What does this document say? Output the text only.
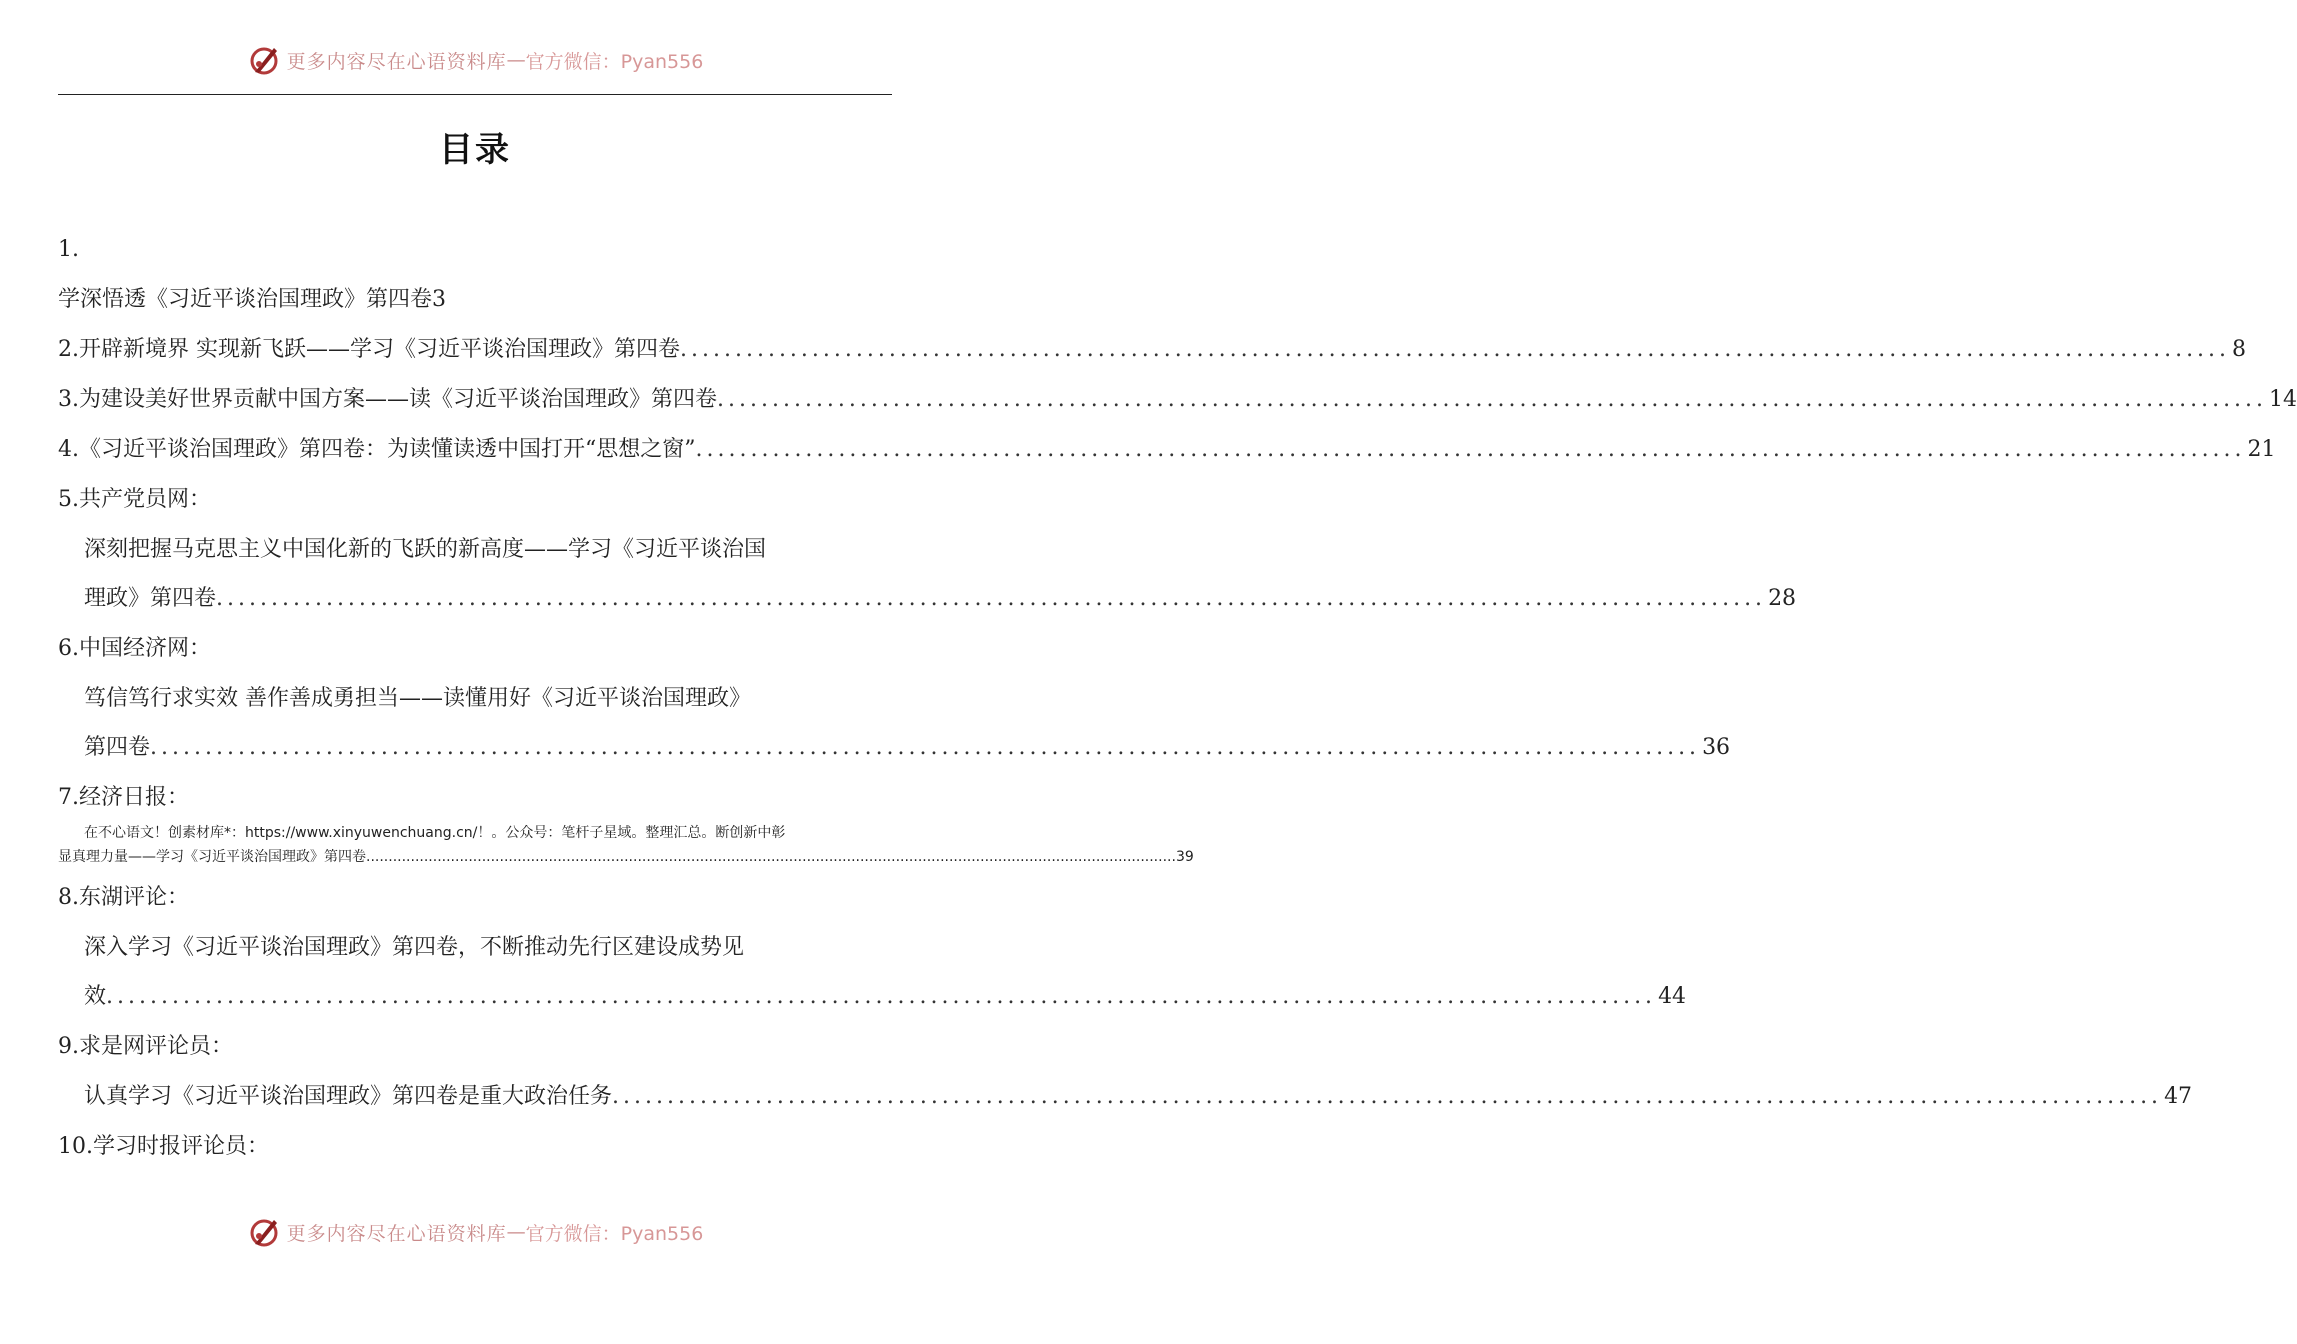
更多内容尽在心语资料库 — 官方微信：Pyan556
目录
1.
学深悟透《习近平谈治国理政》第四卷3
2.开辟新境界 实现新飞跃——学习《习近平谈治国理政》第四卷 ............................................................................................................................................. 8
3.为建设美好世界贡献中国方案——读《习近平谈治国理政》第四卷 ............................................................................................................................................. 14
4.《习近平谈治国理政》第四卷：为读懂读透中国打开“思想之窗” ............................................................................................................................................. 21
5.共产党员网：
深刻把握马克思主义中国化新的飞跃的新高度——学习《习近平谈治国
理政》第四卷 ............................................................................................................................................. 28
6.中国经济网：
笃信笃行求实效 善作善成勇担当——读懂用好《习近平谈治国理政》
第四卷 ............................................................................................................................................. 36
7.经济日报：
8.东湖评论：
深入学习《习近平谈治国理政》第四卷，不断推动先行区建设成势见
效 ............................................................................................................................................. 44
9.求是网评论员：
认真学习《习近平谈治国理政》第四卷是重大政治任务 ............................................................................................................................................. 47
10.学习时报评论员：
在不心语文！创素材库*：https://www.xinyuwenchuang.cn/！。公众号：笔杆子星域。整理汇总。断创新中彰
显真理力量——学习《习近平谈治国理政》第四卷 ...................................................................................................................................................................................... 39
更多内容尽在心语资料库 — 官方微信：Pyan556
